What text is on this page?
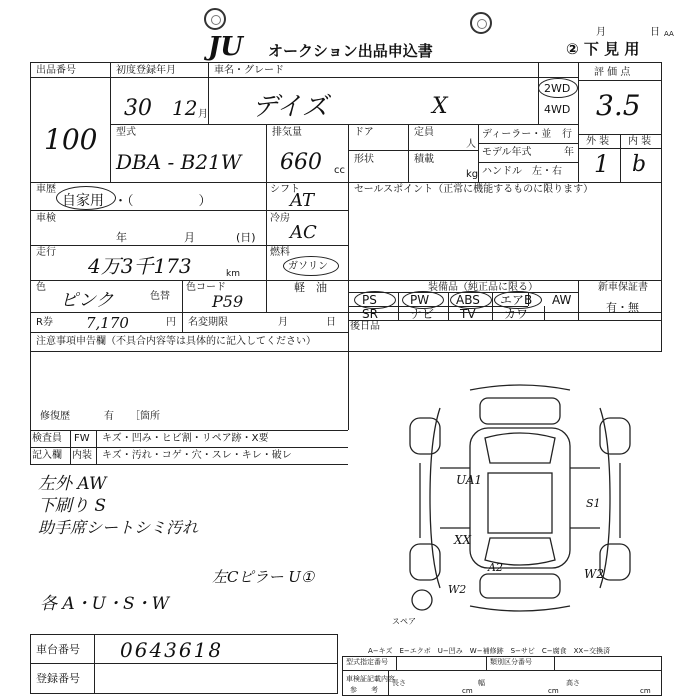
JU オークション出品申込書
月	日 AA
② 下 見 用
出品番号
100
初度登録年月
30 12 月
車名・グレード
デイズ	X
2WD
4WD
評 価 点
3.5
型式
DBA - B21W
排気量
660 cc
ドア	定員
人
形状	積載
kg
ディーラー・並 行
モデル年式	年
ハンドル　左・右
外 装 内 装
1 b
車歴
自家用 ・（　　　　　）
車検
年	月	(日)
走行
4万3千173	km
色
ピンク	色替
色コード
P59
R券 7,170	円 名変期限	月	日
シフト
AT
冷房
AC
燃料
ガソリン
軽　油
セールスポイント（正常に機能するものに限ります）
装備品（純正品に限る）	新車保証書
有・無
PS	PW ABS エアB AW
SR	ナビ TV カワ
後日品
注意事項申告欄（不具合内容等は具体的に記入してください）
修復歴	有 ［箇所
検査員 FW キズ・凹み・ヒビ割・リペア跡・X要
記入欄 内装 キズ・汚れ・コゲ・穴・スレ・キレ・破レ
左外 AW
下刷り S
助手席シートシミ汚れ
左Cピラー U①
各 A・U・S・W
UA1
S1
XX
A2
W2
W2
スペア
車台番号 0643618
登録番号
A−キズ　E−エクボ　U−凹み　W−補修跡　S−サビ　C−腐食　XX−交換済
型式指定番号	類別区分番号
車検証記載内容
参　　考
長さ
cm
幅
cm
高さ
cm
